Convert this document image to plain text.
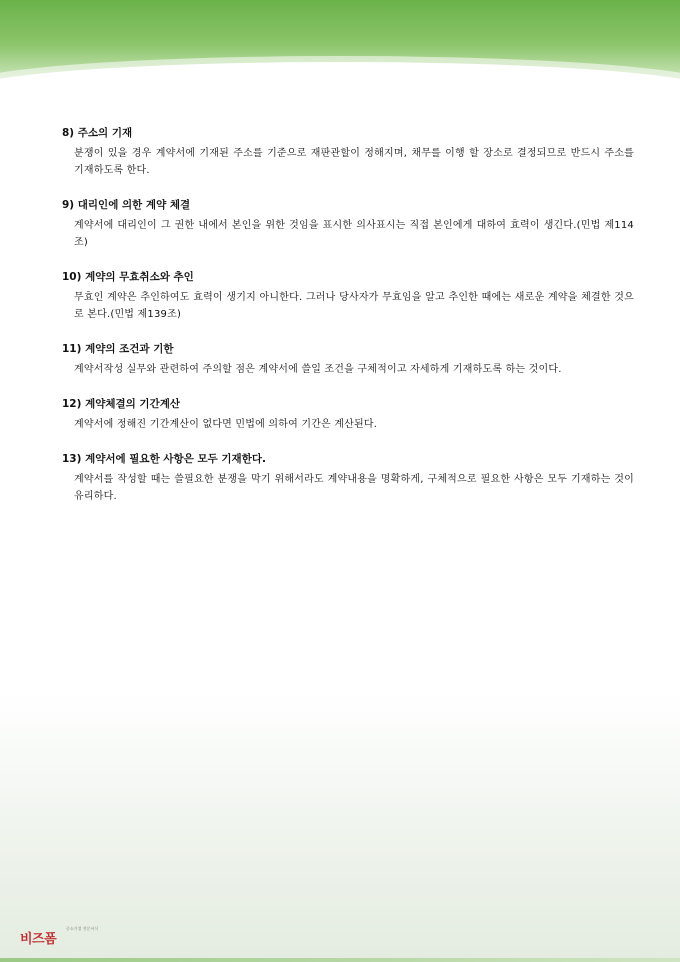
8) 주소의 기재
분쟁이 있을 경우 계약서에 기재된 주소를 기준으로 재판관할이 정해지며, 채무를 이행 할 장소로 결정되므로 반드시 주소를 기재하도록 한다.
9) 대리인에 의한 계약 체결
계약서에 대리인이 그 권한 내에서 본인을 위한 것임을 표시한 의사표시는 직접 본인에게 대하여 효력이 생긴다.(민법 제114조)
10) 계약의 무효취소와 추인
무효인 계약은 추인하여도 효력이 생기지 아니한다. 그러나 당사자가 무효임을 알고 추인한 때에는 새로운 계약을 체결한 것으로 본다.(민법 제139조)
11) 계약의 조건과 기한
계약서작성 실무와 관련하여 주의할 점은 계약서에 쓸일 조건을 구체적이고 자세하게 기재하도록 하는 것이다.
12) 계약체결의 기간계산
계약서에 정해진 기간계산이 없다면 민법에 의하여 기간은 계산된다.
13) 계약서에 필요한 사항은 모두 기재한다.
계약서를 작성할 때는 쓸필요한 분쟁을 막기 위해서라도 계약내용을 명확하게, 구체적으로 필요한 사항은 모두 기재하는 것이 유리하다.
비즈폼
중소기업 전문서식
